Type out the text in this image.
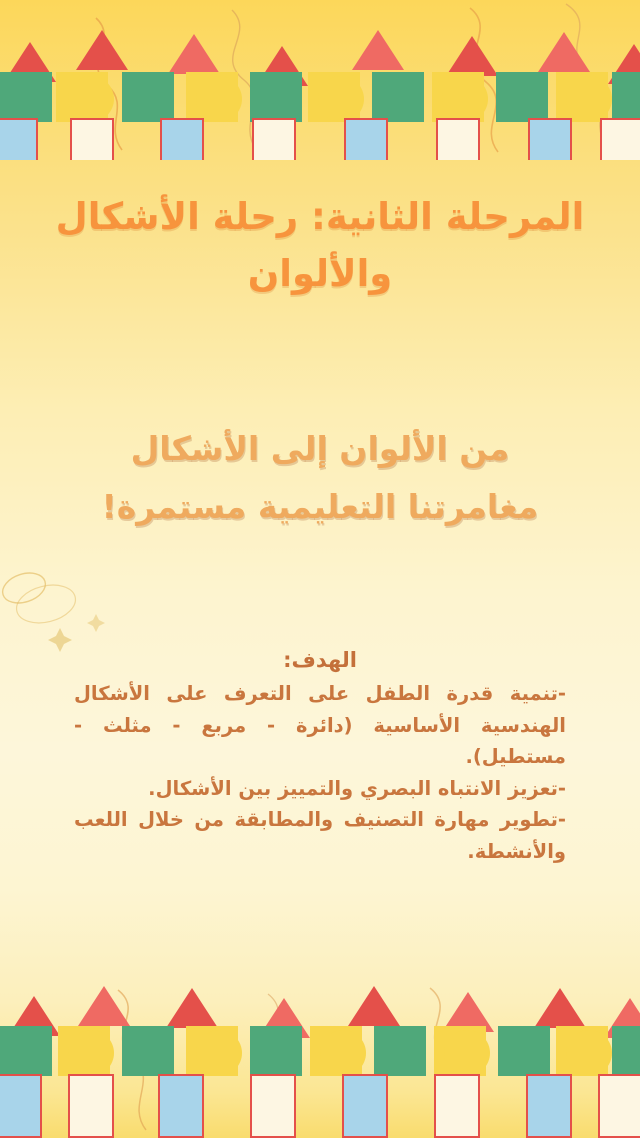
المرحلة الثانية: رحلة الأشكال والألوان
من الألوان إلى الأشكال مغامرتنا التعليمية مستمرة!
الهدف:
-تنمية قدرة الطفل على التعرف على الأشكال الهندسية الأساسية (دائرة - مربع - مثلث - مستطيل).
-تعزيز الانتباه البصري والتمييز بين الأشكال.
-تطوير مهارة التصنيف والمطابقة من خلال اللعب والأنشطة.
